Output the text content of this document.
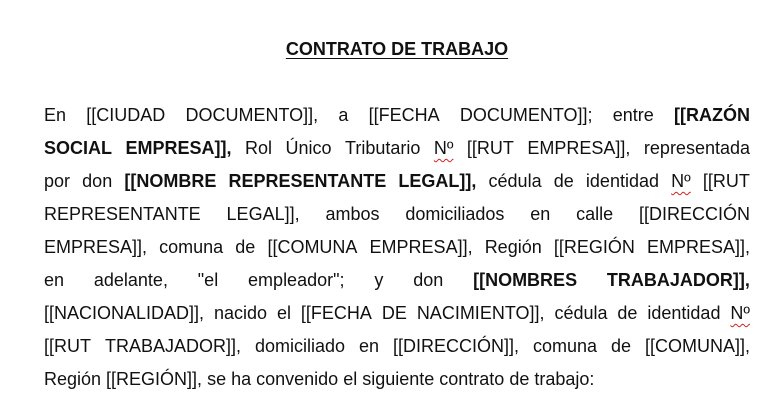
CONTRATO DE TRABAJO
En [[CIUDAD DOCUMENTO]], a [[FECHA DOCUMENTO]]; entre [[RAZÓN
SOCIAL EMPRESA]], Rol Único Tributario Nº [[RUT EMPRESA]], representada
por don [[NOMBRE REPRESENTANTE LEGAL]], cédula de identidad Nº [[RUT
REPRESENTANTE LEGAL]], ambos domiciliados en calle [[DIRECCIÓN
EMPRESA]], comuna de [[COMUNA EMPRESA]], Región [[REGIÓN EMPRESA]],
en adelante, "el empleador"; y don [[NOMBRES TRABAJADOR]],
[[NACIONALIDAD]], nacido el [[FECHA DE NACIMIENTO]], cédula de identidad Nº
[[RUT TRABAJADOR]], domiciliado en [[DIRECCIÓN]], comuna de [[COMUNA]],
Región [[REGIÓN]], se ha convenido el siguiente contrato de trabajo:
